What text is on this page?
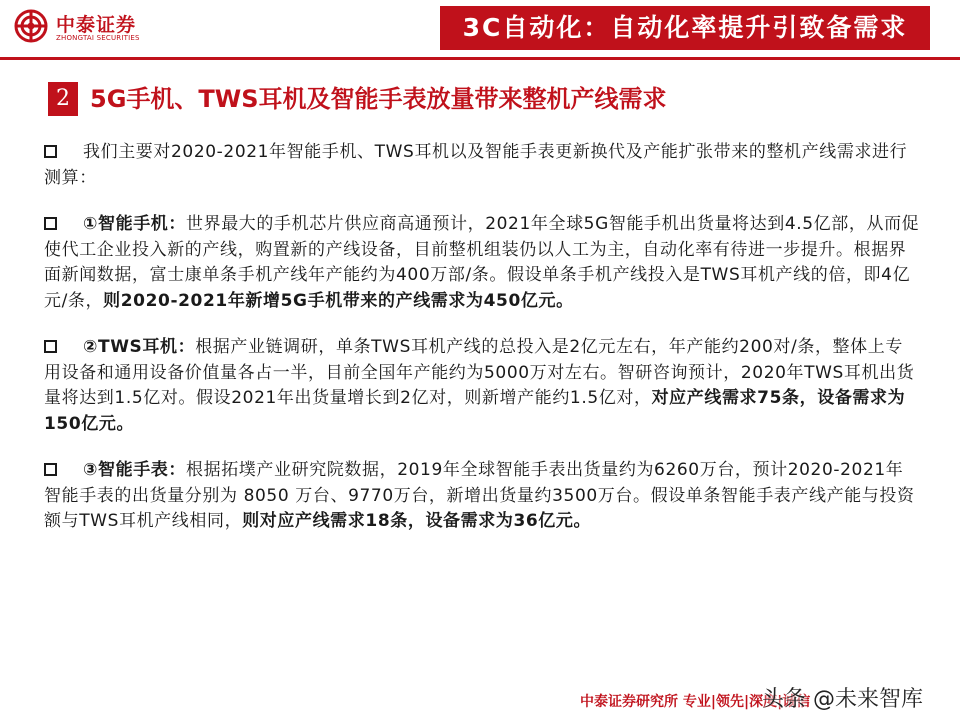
中泰证券
ZHONGTAI SECURITIES	3C自动化：自动化率提升引致备需求
2 5G手机、TWS耳机及智能手表放量带来整机产线需求

我们主要对2020-2021年智能手机、TWS耳机以及智能手表更新换代及产能扩张带来的整机产线需求进行测算：

①智能手机：世界最大的手机芯片供应商高通预计，2021年全球5G智能手机出货量将达到4.5亿部，从而促使代工企业投入新的产线，购置新的产线设备，目前整机组装仍以人工为主，自动化率有待进一步提升。根据界面新闻数据，富士康单条手机产线年产能约为400万部/条。假设单条手机产线投入是TWS耳机产线的倍，即4亿元/条，则2020-2021年新增5G手机带来的产线需求为450亿元。

②TWS耳机：根据产业链调研，单条TWS耳机产线的总投入是2亿元左右，年产能约200对/条，整体上专用设备和通用设备价值量各占一半，目前全国年产能约为5000万对左右。智研咨询预计，2020年TWS耳机出货量将达到1.5亿对。假设2021年出货量增长到2亿对，则新增产能约1.5亿对，对应产线需求75条，设备需求为150亿元。

③智能手表：根据拓墣产业研究院数据，2019年全球智能手表出货量约为6260万台，预计2020-2021年智能手表的出货量分别为 8050 万台、9770万台，新增出货量约3500万台。假设单条智能手表产线产能与投资额与TWS耳机产线相同，则对应产线需求18条，设备需求为36亿元。

中泰证券研究所 专业|领先|深度|诚信
头条 @未来智库
